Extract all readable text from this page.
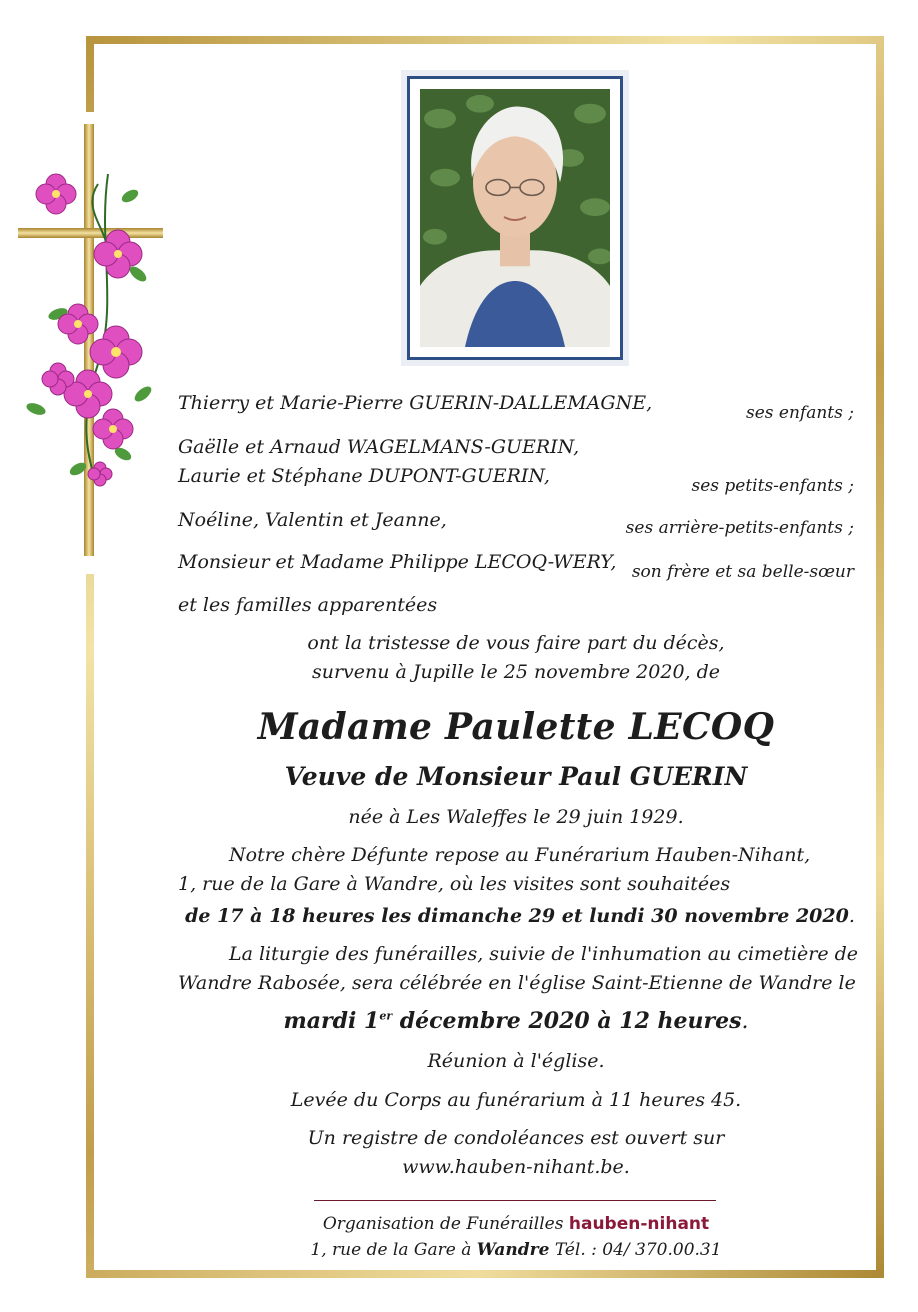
Thierry et Marie-Pierre GUERIN-DALLEMAGNE,
Gaëlle et Arnaud WAGELMANS-GUERIN,
Laurie et Stéphane DUPONT-GUERIN,
Noéline, Valentin et Jeanne,
Monsieur et Madame Philippe LECOQ-WERY,
et les familles apparentées
ses enfants ;
ses petits-enfants ;
ses arrière-petits-enfants ;
son frère et sa belle-sœur
ont la tristesse de vous faire part du décès,
survenu à Jupille le 25 novembre 2020, de
Madame Paulette LECOQ
Veuve de Monsieur Paul GUERIN
née à Les Waleffes le 29 juin 1929.
Notre chère Défunte repose au Funérarium Hauben-Nihant,
1, rue de la Gare à Wandre, où les visites sont souhaitées
de 17 à 18 heures les dimanche 29 et lundi 30 novembre 2020.
La liturgie des funérailles, suivie de l'inhumation au cimetière de
Wandre Rabosée, sera célébrée en l'église Saint-Etienne de Wandre le
mardi 1er décembre 2020 à 12 heures.
Réunion à l'église.
Levée du Corps au funérarium à 11 heures 45.
Un registre de condoléances est ouvert sur
www.hauben-nihant.be.
Organisation de Funérailles hauben-nihant
1, rue de la Gare à Wandre Tél. : 04/ 370.00.31
